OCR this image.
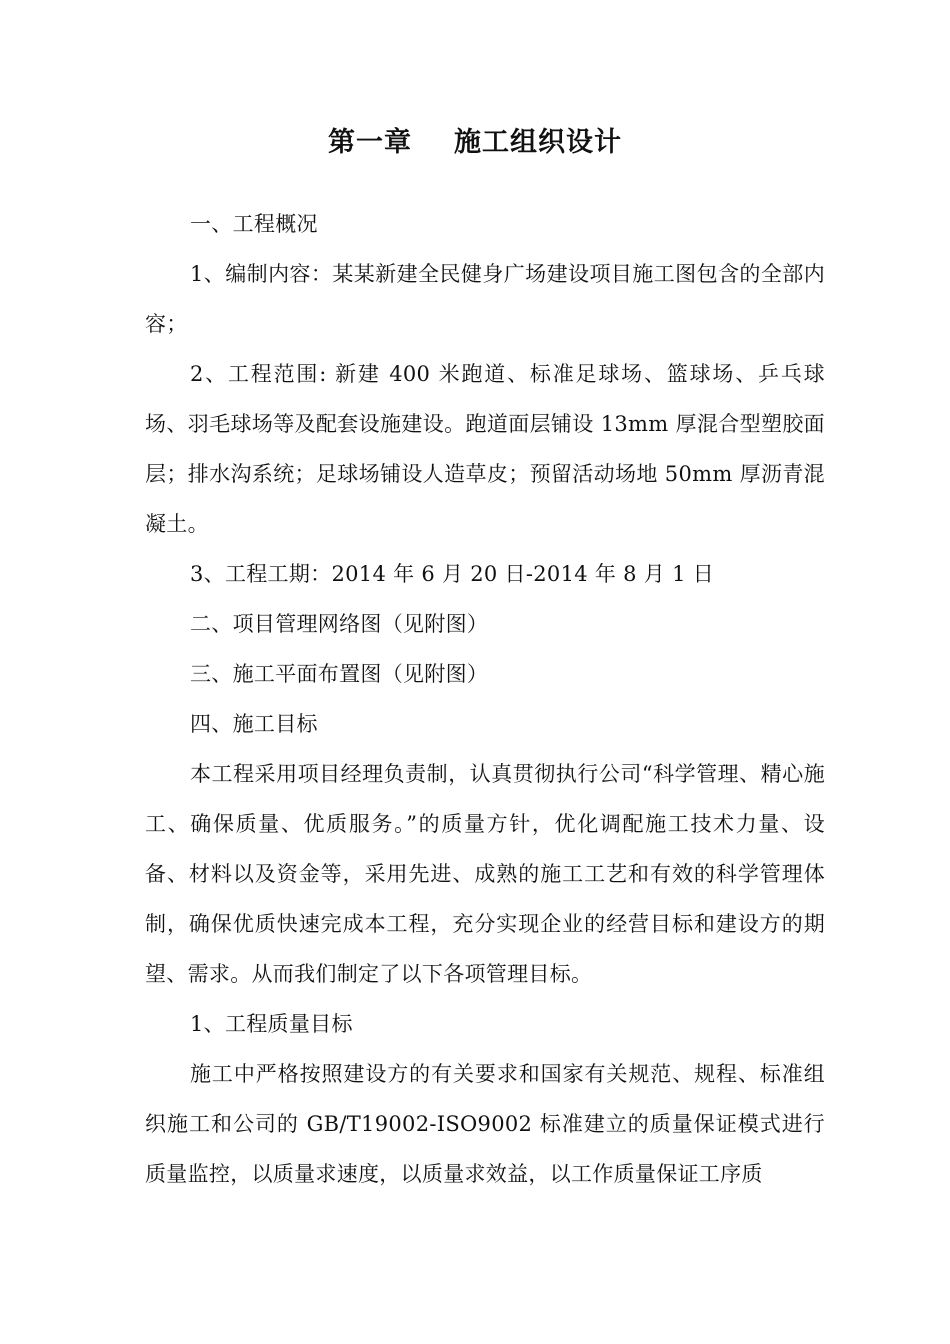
第一章 施工组织设计

一、工程概况

1、编制内容：某某新建全民健身广场建设项目施工图包含的全部内容；

2、工程范围: 新建 400 米跑道、标准足球场、篮球场、乒乓球场、羽毛球场等及配套设施建设。跑道面层铺设 13mm 厚混合型塑胶面层；排水沟系统；足球场铺设人造草皮；预留活动场地 50mm 厚沥青混凝土。

3、工程工期：2014 年 6 月 20 日-2014 年 8 月 1 日

二、项目管理网络图（见附图）

三、施工平面布置图（见附图）

四、施工目标

本工程采用项目经理负责制，认真贯彻执行公司“科学管理、精心施工、确保质量、优质服务。”的质量方针，优化调配施工技术力量、设备、材料以及资金等，采用先进、成熟的施工工艺和有效的科学管理体制，确保优质快速完成本工程，充分实现企业的经营目标和建设方的期望、需求。从而我们制定了以下各项管理目标。

1、工程质量目标

施工中严格按照建设方的有关要求和国家有关规范、规程、标准组织施工和公司的 GB/T19002-ISO9002 标准建立的质量保证模式进行质量监控，以质量求速度，以质量求效益，以工作质量保证工序质
